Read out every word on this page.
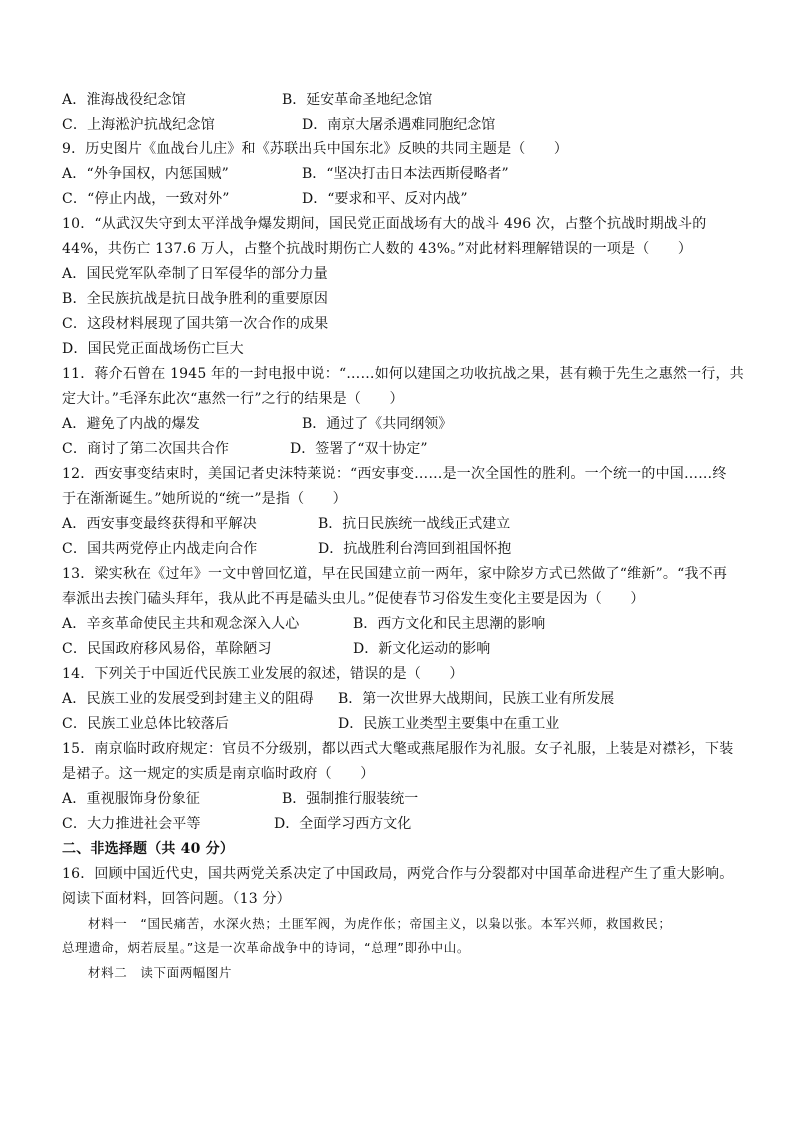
A．淮海战役纪念馆	B．延安革命圣地纪念馆
C．上海淞沪抗战纪念馆	D．南京大屠杀遇难同胞纪念馆
9．历史图片《血战台儿庄》和《苏联出兵中国东北》反映的共同主题是（　　）
A．“外争国权，内惩国贼”	B．“坚决打击日本法西斯侵略者”
C．“停止内战，一致对外”	D．“要求和平、反对内战”
10．“从武汉失守到太平洋战争爆发期间，国民党正面战场有大的战斗 496 次，占整个抗战时期战斗的
44%，共伤亡 137.6 万人，占整个抗战时期伤亡人数的 43%。”对此材料理解错误的一项是（　　）
A．国民党军队牵制了日军侵华的部分力量
B．全民族抗战是抗日战争胜利的重要原因
C．这段材料展现了国共第一次合作的成果
D．国民党正面战场伤亡巨大
11．蒋介石曾在 1945 年的一封电报中说：“……如何以建国之功收抗战之果，甚有赖于先生之惠然一行，共
定大计。”毛泽东此次“惠然一行”之行的结果是（　　）
A．避免了内战的爆发	B．通过了《共同纲领》
C．商讨了第二次国共合作	D．签署了“双十协定”
12．西安事变结束时，美国记者史沫特莱说：“西安事变……是一次全国性的胜利。一个统一的中国……终
于在渐渐诞生。”她所说的“统一”是指（　　）
A．西安事变最终获得和平解决	B．抗日民族统一战线正式建立
C．国共两党停止内战走向合作	D．抗战胜利台湾回到祖国怀抱
13．梁实秋在《过年》一文中曾回忆道，早在民国建立前一两年，家中除岁方式已然做了“维新”。“我不再
奉派出去挨门磕头拜年，我从此不再是磕头虫儿。”促使春节习俗发生变化主要是因为（　　）
A．辛亥革命使民主共和观念深入人心	B．西方文化和民主思潮的影响
C．民国政府移风易俗，革除陋习	D．新文化运动的影响
14．下列关于中国近代民族工业发展的叙述，错误的是（　　）
A．民族工业的发展受到封建主义的阻碍 B．第一次世界大战期间，民族工业有所发展
C．民族工业总体比较落后	D．民族工业类型主要集中在重工业
15．南京临时政府规定：官员不分级别，都以西式大氅或燕尾服作为礼服。女子礼服，上装是对襟衫，下装
是裙子。这一规定的实质是南京临时政府（　　）
A．重视服饰身份象征	B．强制推行服装统一
C．大力推进社会平等	D．全面学习西方文化
二、非选择题（共 40 分）
16．回顾中国近代史，国共两党关系决定了中国政局，两党合作与分裂都对中国革命进程产生了重大影响。
阅读下面材料，回答问题。（13 分）
材料一　“国民痛苦，水深火热；土匪军阀，为虎作伥；帝国主义，以枭以张。本军兴师，救国救民；
总理遗命，炳若辰星。”这是一次革命战争中的诗词，“总理”即孙中山。
材料二　读下面两幅图片
